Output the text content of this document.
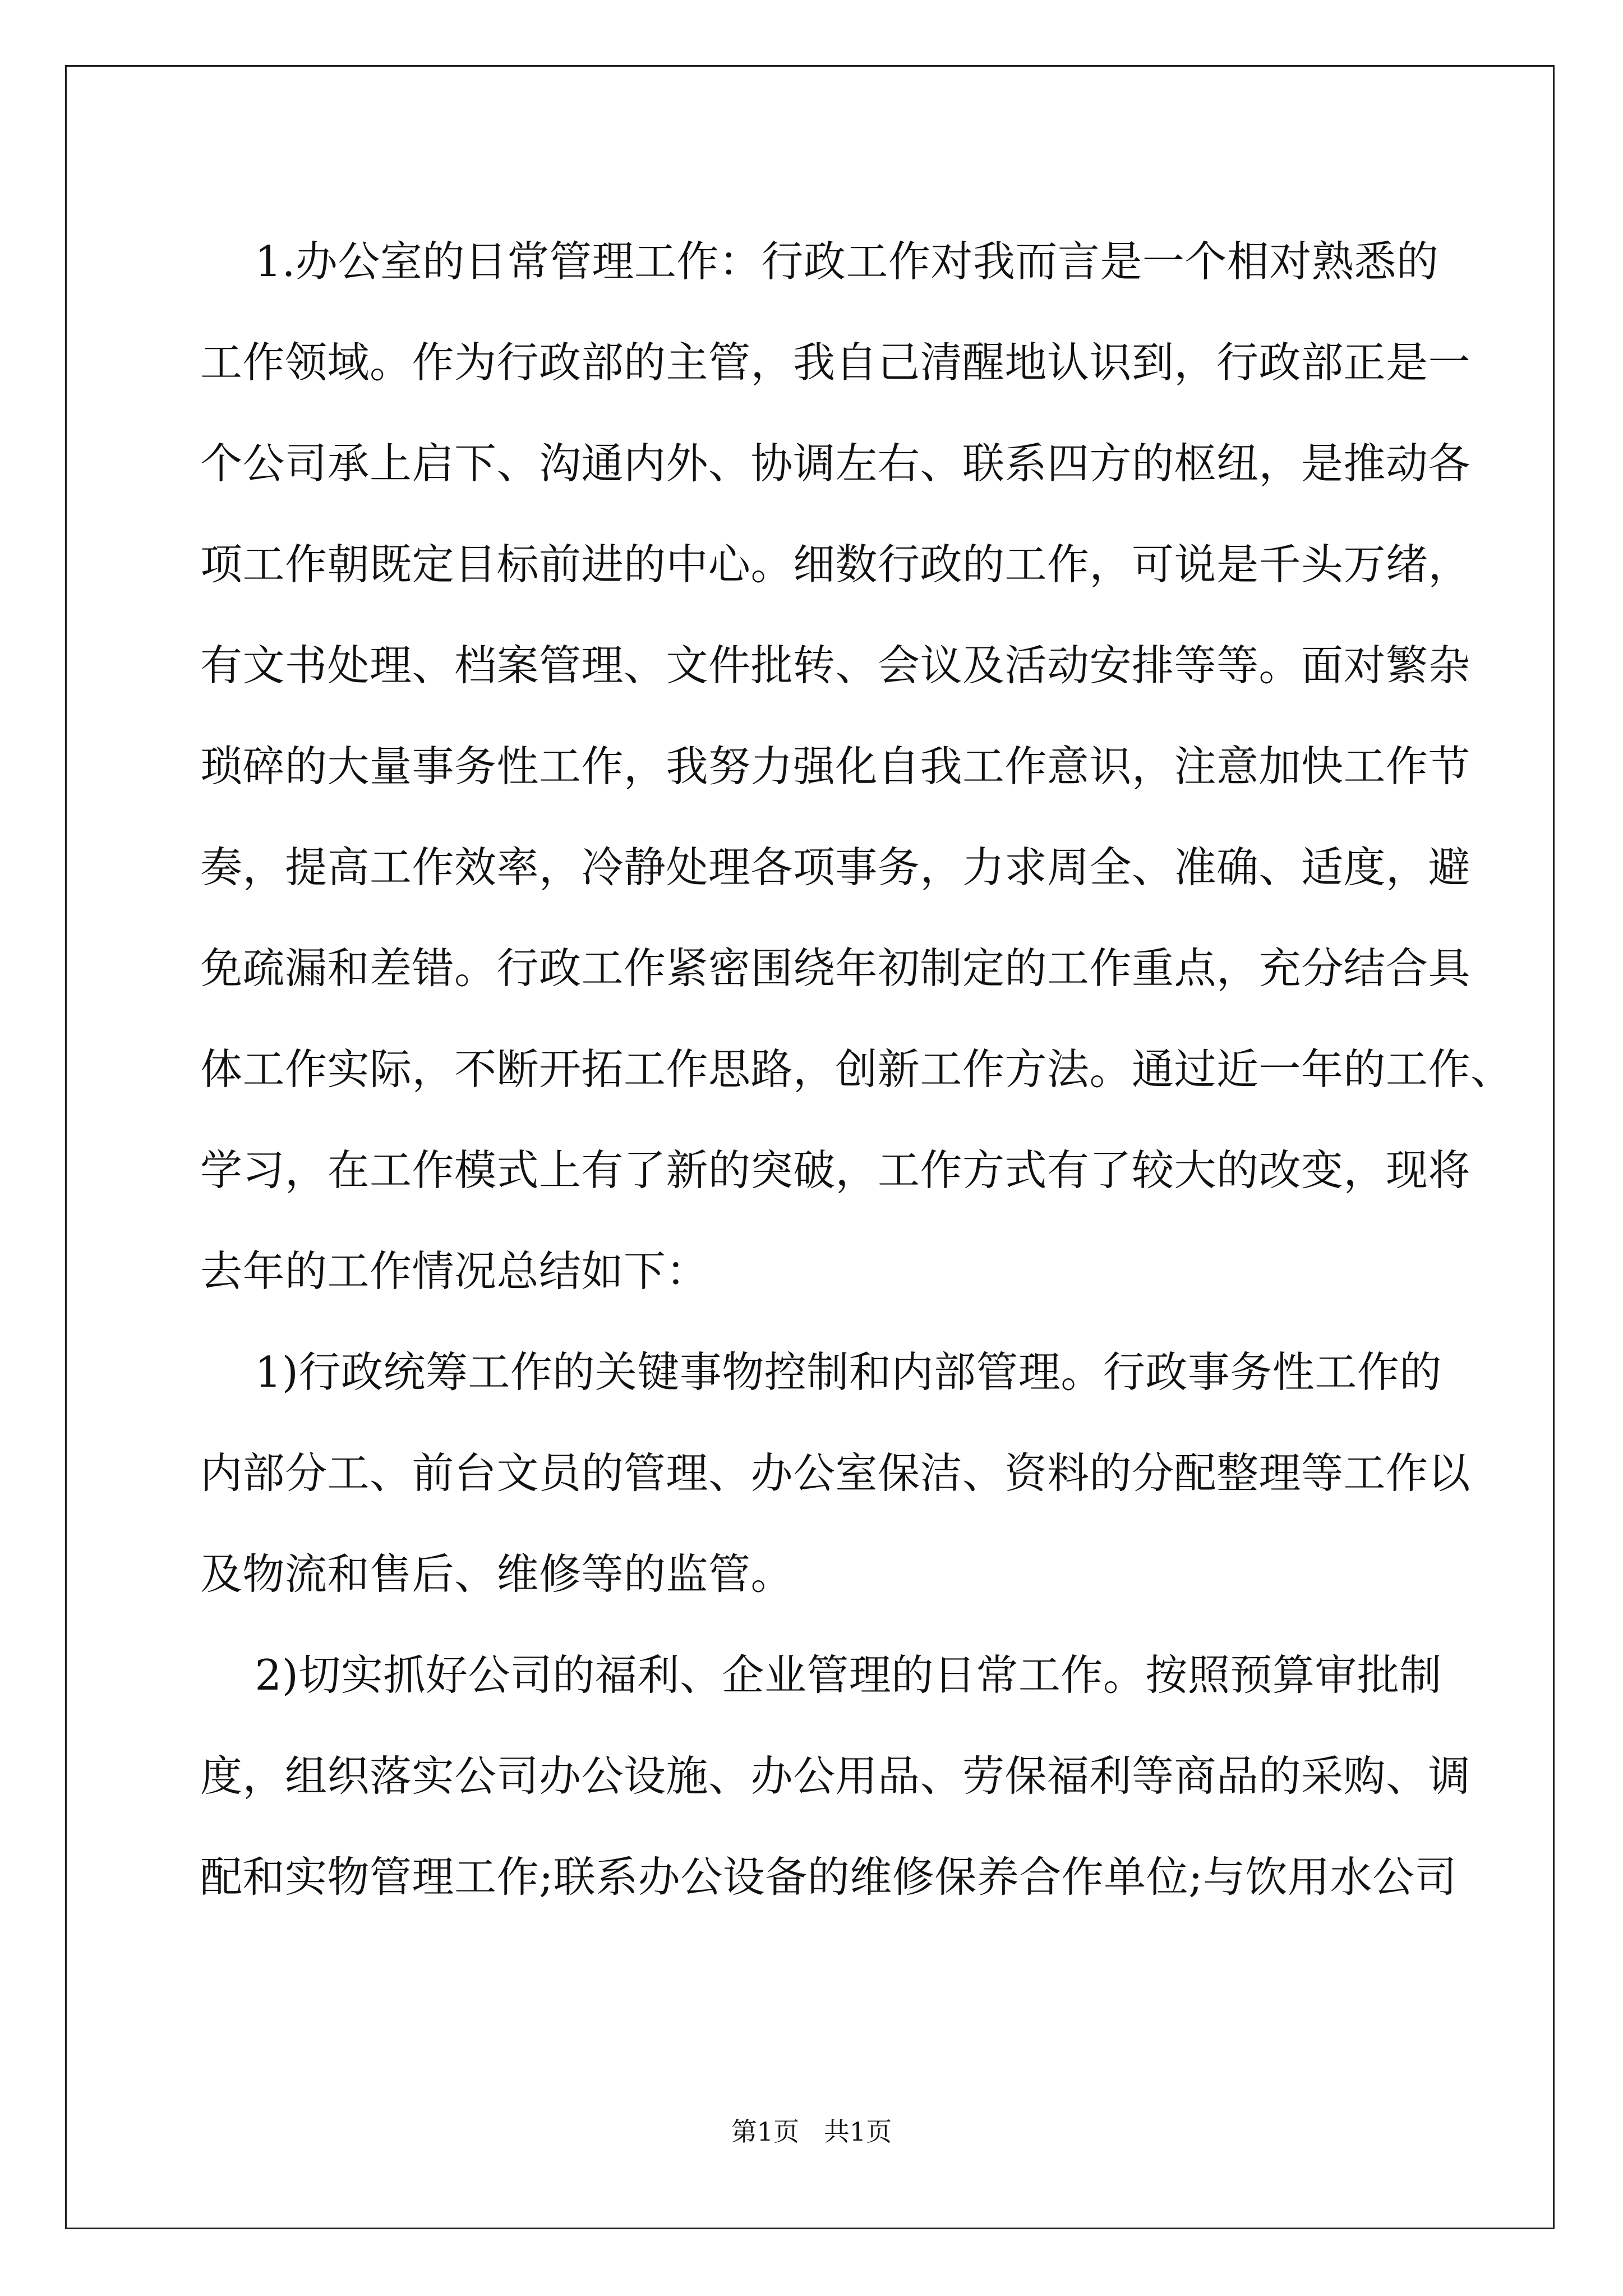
1.办公室的日常管理工作：行政工作对我而言是一个相对熟悉的
工作领域。作为行政部的主管，我自己清醒地认识到，行政部正是一
个公司承上启下、沟通内外、协调左右、联系四方的枢纽，是推动各
项工作朝既定目标前进的中心。细数行政的工作，可说是千头万绪，
有文书处理、档案管理、文件批转、会议及活动安排等等。面对繁杂
琐碎的大量事务性工作，我努力强化自我工作意识，注意加快工作节
奏，提高工作效率，冷静处理各项事务，力求周全、准确、适度，避
免疏漏和差错。行政工作紧密围绕年初制定的工作重点，充分结合具
体工作实际，不断开拓工作思路，创新工作方法。通过近一年的工作、
学习，在工作模式上有了新的突破，工作方式有了较大的改变，现将
去年的工作情况总结如下：
1)行政统筹工作的关键事物控制和内部管理。行政事务性工作的
内部分工、前台文员的管理、办公室保洁、资料的分配整理等工作以
及物流和售后、维修等的监管。
2)切实抓好公司的福利、企业管理的日常工作。按照预算审批制
度，组织落实公司办公设施、办公用品、劳保福利等商品的采购、调
配和实物管理工作;联系办公设备的维修保养合作单位;与饮用水公司
第1页   共1页
